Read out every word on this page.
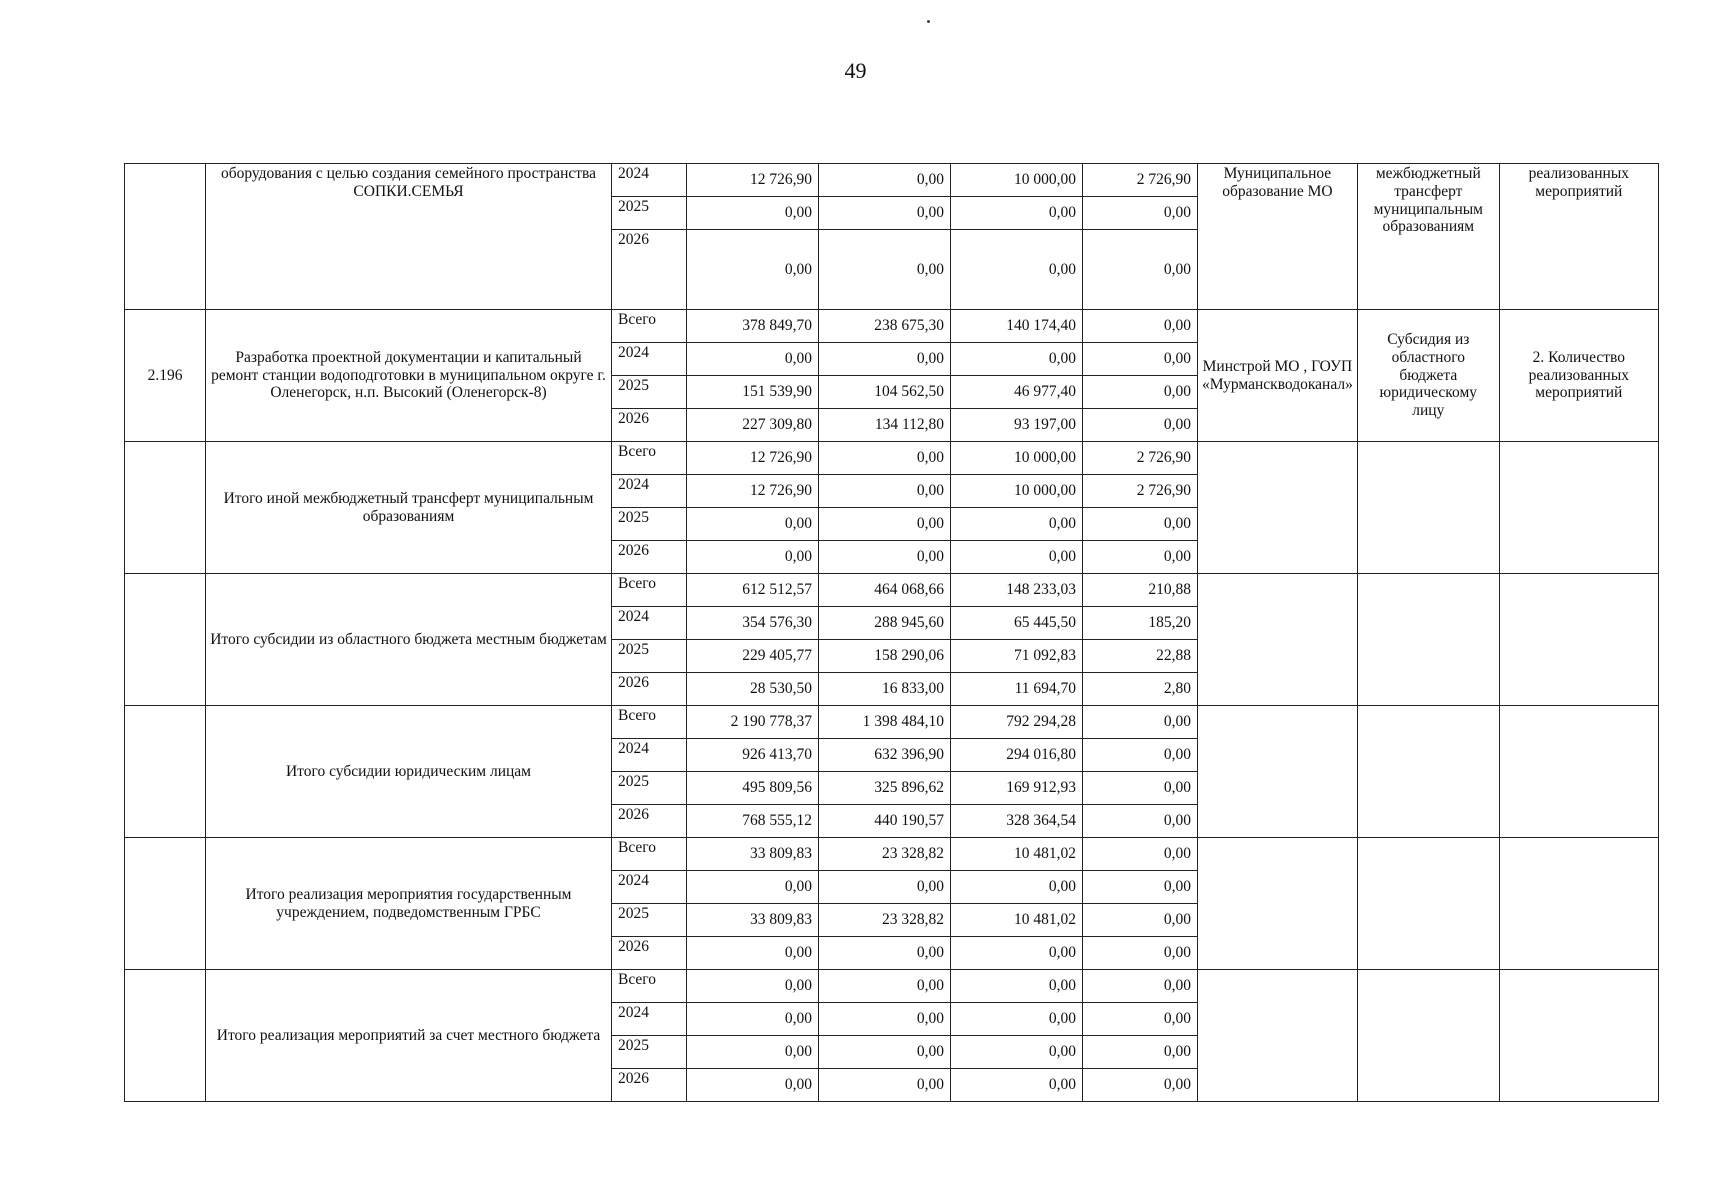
49
	оборудования с целью создания семейного пространства СОПКИ.СЕМЬЯ	2024	12 726,90	0,00	10 000,00	2 726,90	Муниципальное образование МО	межбюджетный трансферт муниципальным образованиям	реализованных мероприятий
		2025	0,00	0,00	0,00	0,00			
		2026	0,00	0,00	0,00	0,00			
2.196	Разработка проектной документации и капитальный ремонт станции водоподготовки в муниципальном округе г. Оленегорск, н.п. Высокий (Оленегорск-8)	Всего	378 849,70	238 675,30	140 174,40	0,00	Минстрой МО , ГОУП «Мурманскводоканал»	Субсидия из областного бюджета юридическому лицу	2. Количество реализованных мероприятий
		2024	0,00	0,00	0,00	0,00			
		2025	151 539,90	104 562,50	46 977,40	0,00			
		2026	227 309,80	134 112,80	93 197,00	0,00			
	Итого иной межбюджетный трансферт муниципальным образованиям	Всего	12 726,90	0,00	10 000,00	2 726,90			
		2024	12 726,90	0,00	10 000,00	2 726,90			
		2025	0,00	0,00	0,00	0,00			
		2026	0,00	0,00	0,00	0,00			
	Итого субсидии из областного бюджета местным бюджетам	Всего	612 512,57	464 068,66	148 233,03	210,88			
		2024	354 576,30	288 945,60	65 445,50	185,20			
		2025	229 405,77	158 290,06	71 092,83	22,88			
		2026	28 530,50	16 833,00	11 694,70	2,80			
	Итого субсидии юридическим лицам	Всего	2 190 778,37	1 398 484,10	792 294,28	0,00			
		2024	926 413,70	632 396,90	294 016,80	0,00			
		2025	495 809,56	325 896,62	169 912,93	0,00			
		2026	768 555,12	440 190,57	328 364,54	0,00			
	Итого реализация мероприятия государственным учреждением, подведомственным ГРБС	Всего	33 809,83	23 328,82	10 481,02	0,00			
		2024	0,00	0,00	0,00	0,00			
		2025	33 809,83	23 328,82	10 481,02	0,00			
		2026	0,00	0,00	0,00	0,00			
	Итого реализация мероприятий за счет местного бюджета	Всего	0,00	0,00	0,00	0,00			
		2024	0,00	0,00	0,00	0,00			
		2025	0,00	0,00	0,00	0,00			
		2026	0,00	0,00	0,00	0,00			
